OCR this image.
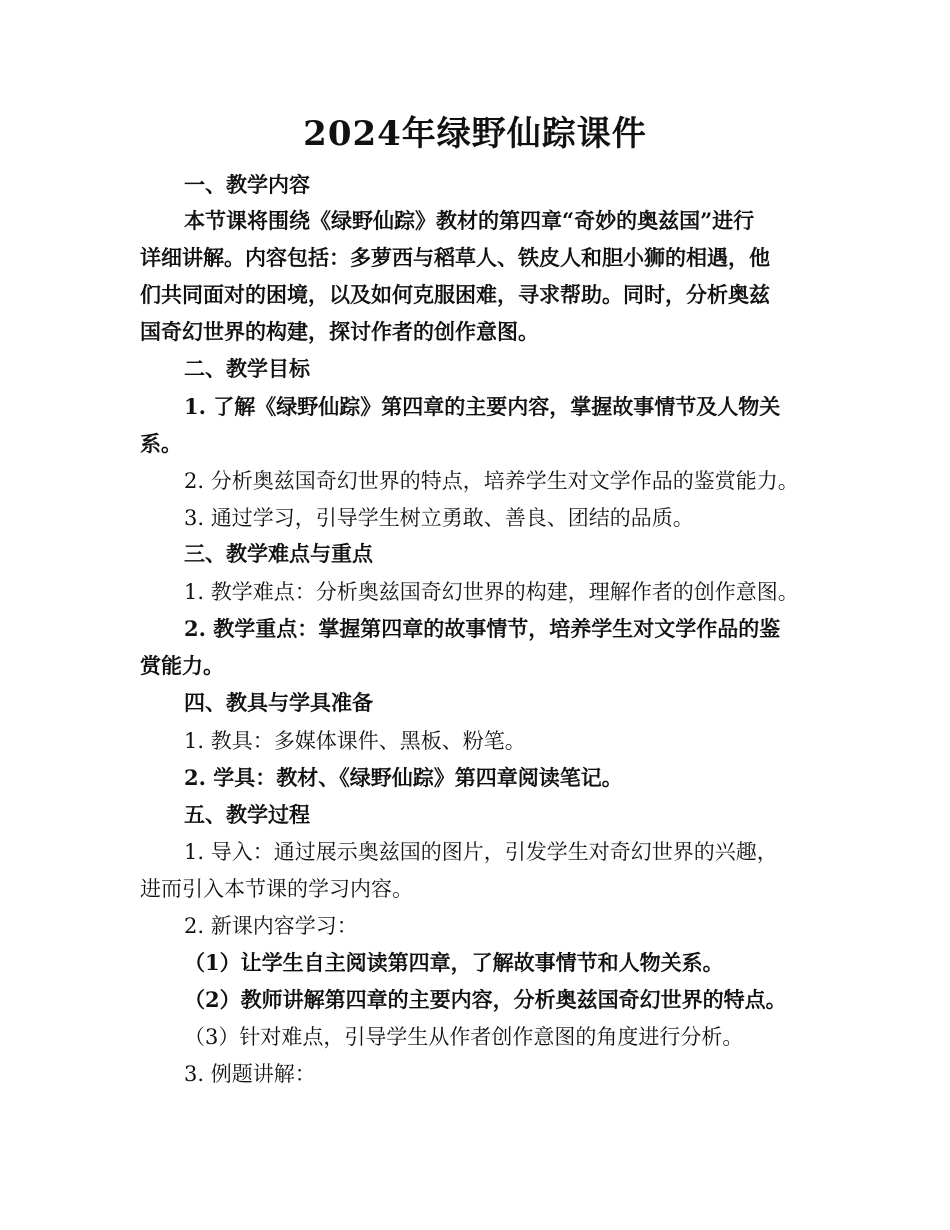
2024年绿野仙踪课件
一、教学内容
本节课将围绕《绿野仙踪》教材的第四章“奇妙的奥兹国”进行
详细讲解。内容包括：多萝西与稻草人、铁皮人和胆小狮的相遇，他
们共同面对的困境，以及如何克服困难，寻求帮助。同时，分析奥兹
国奇幻世界的构建，探讨作者的创作意图。
二、教学目标
1. 了解《绿野仙踪》第四章的主要内容，掌握故事情节及人物关
系。
2. 分析奥兹国奇幻世界的特点，培养学生对文学作品的鉴赏能力。
3. 通过学习，引导学生树立勇敢、善良、团结的品质。
三、教学难点与重点
1. 教学难点：分析奥兹国奇幻世界的构建，理解作者的创作意图。
2. 教学重点：掌握第四章的故事情节，培养学生对文学作品的鉴
赏能力。
四、教具与学具准备
1. 教具：多媒体课件、黑板、粉笔。
2. 学具：教材、《绿野仙踪》第四章阅读笔记。
五、教学过程
1. 导入：通过展示奥兹国的图片，引发学生对奇幻世界的兴趣，
进而引入本节课的学习内容。
2. 新课内容学习：
（1）让学生自主阅读第四章，了解故事情节和人物关系。
（2）教师讲解第四章的主要内容，分析奥兹国奇幻世界的特点。
（3）针对难点，引导学生从作者创作意图的角度进行分析。
3. 例题讲解：
